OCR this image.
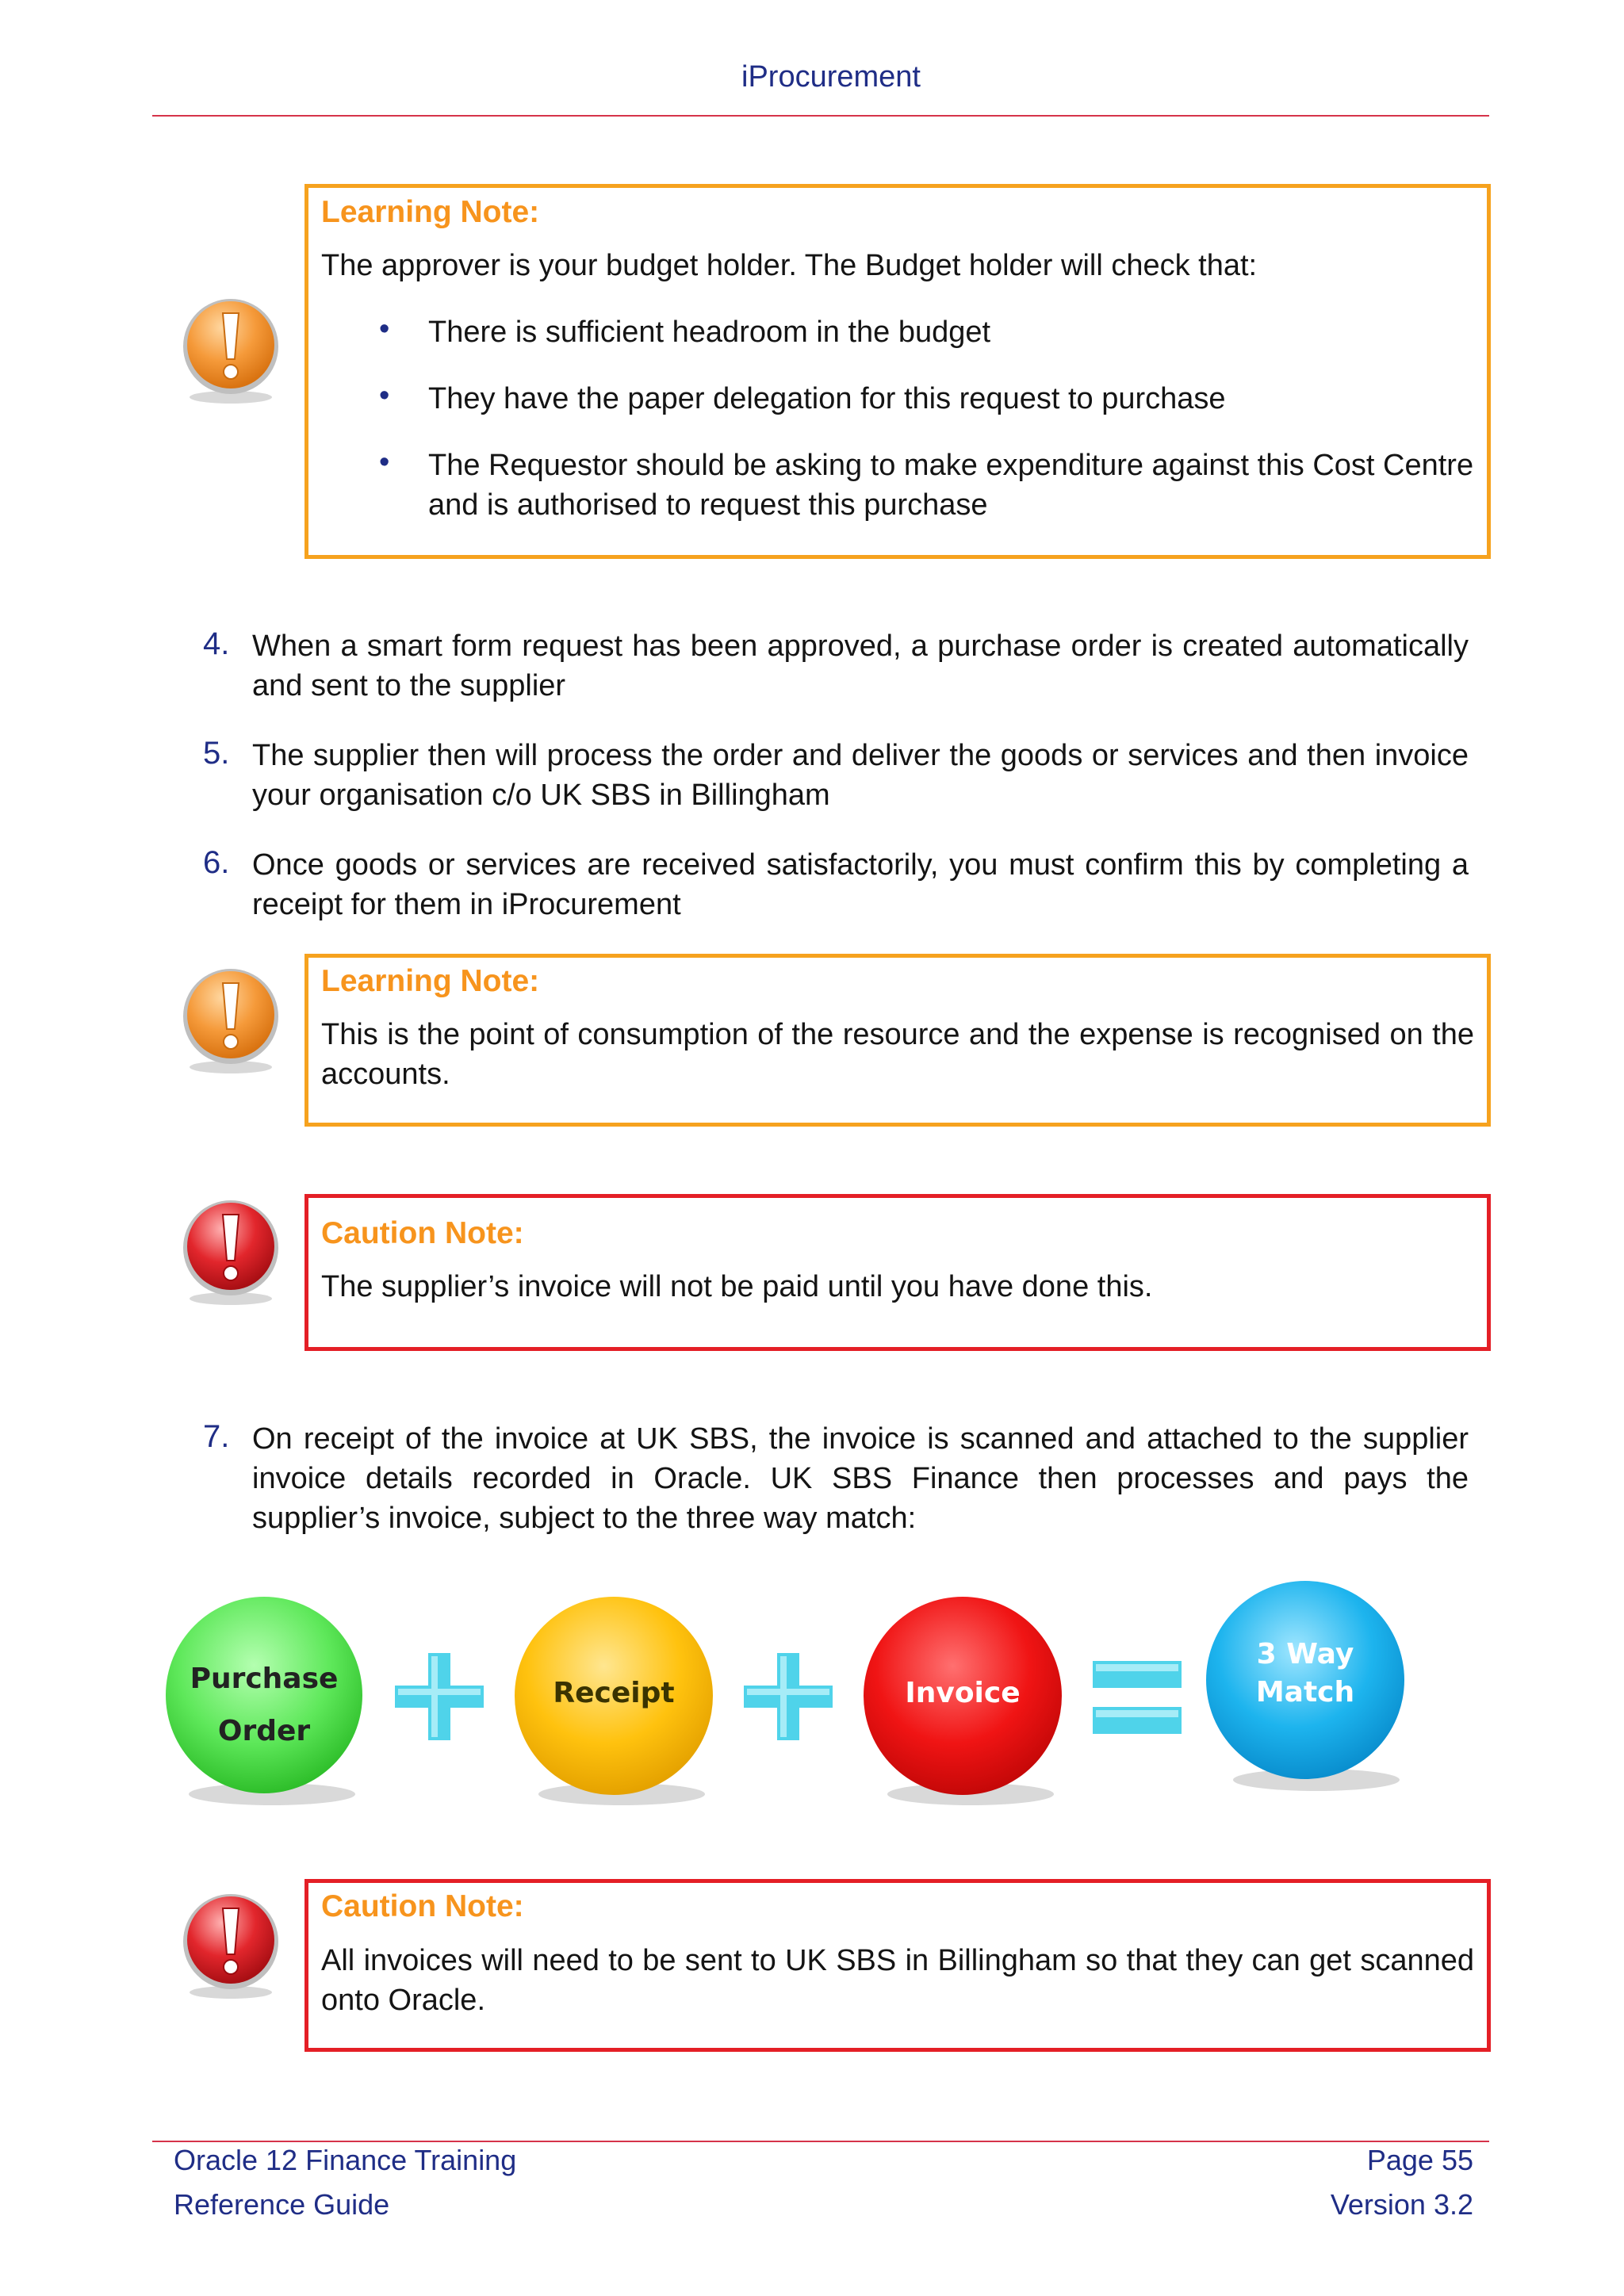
iProcurement
Learning Note:
The approver is your budget holder. The Budget holder will check that:
• There is sufficient headroom in the budget
• They have the paper delegation for this request to purchase
• The Requestor should be asking to make expenditure against this Cost Centre and is authorised to request this purchase
4. When a smart form request has been approved, a purchase order is created automatically and sent to the supplier
5. The supplier then will process the order and deliver the goods or services and then invoice your organisation c/o UK SBS in Billingham
6. Once goods or services are received satisfactorily, you must confirm this by completing a receipt for them in iProcurement
Learning Note:
This is the point of consumption of the resource and the expense is recognised on the accounts.
Caution Note:
The supplier’s invoice will not be paid until you have done this.
7. On receipt of the invoice at UK SBS, the invoice is scanned and attached to the supplier invoice details recorded in Oracle. UK SBS Finance then processes and pays the supplier’s invoice, subject to the three way match:
Purchase
Order
Receipt	Invoice
3 Way
Match
Caution Note:
All invoices will need to be sent to UK SBS in Billingham so that they can get scanned onto Oracle.
Oracle 12 Finance Training
Reference Guide
Page 55
Version 3.2
